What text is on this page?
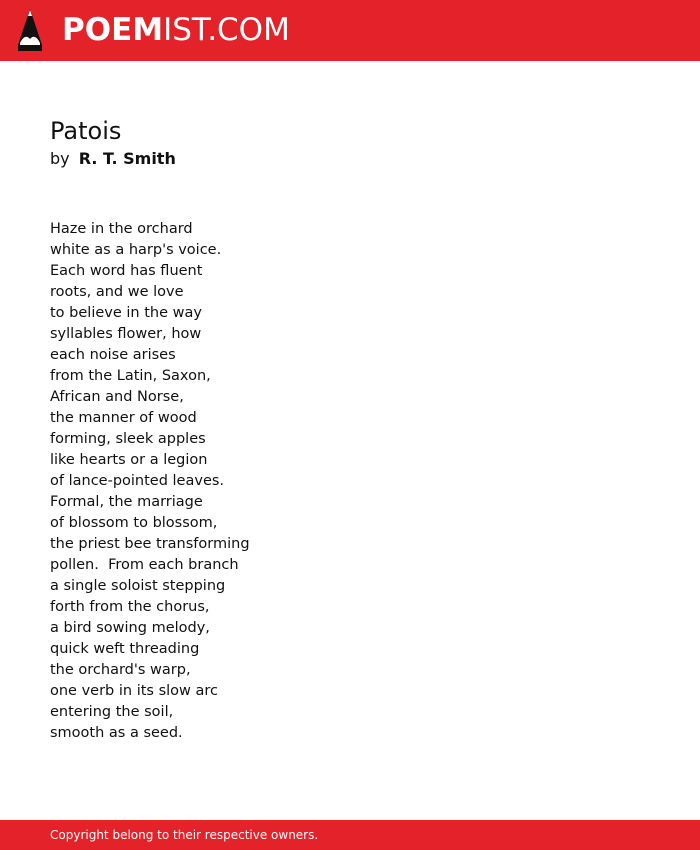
POEMIST.COM
Patois
by R. T. Smith
Haze in the orchard
white as a harp's voice.
Each word has fluent
roots, and we love
to believe in the way
syllables flower, how
each noise arises
from the Latin, Saxon,
African and Norse,
the manner of wood
forming, sleek apples
like hearts or a legion
of lance-pointed leaves.
Formal, the marriage
of blossom to blossom,
the priest bee transforming
pollen.  From each branch
a single soloist stepping
forth from the chorus,
a bird sowing melody,
quick weft threading
the orchard's warp,
one verb in its slow arc
entering the soil,
smooth as a seed.
Copyright belong to their respective owners.
